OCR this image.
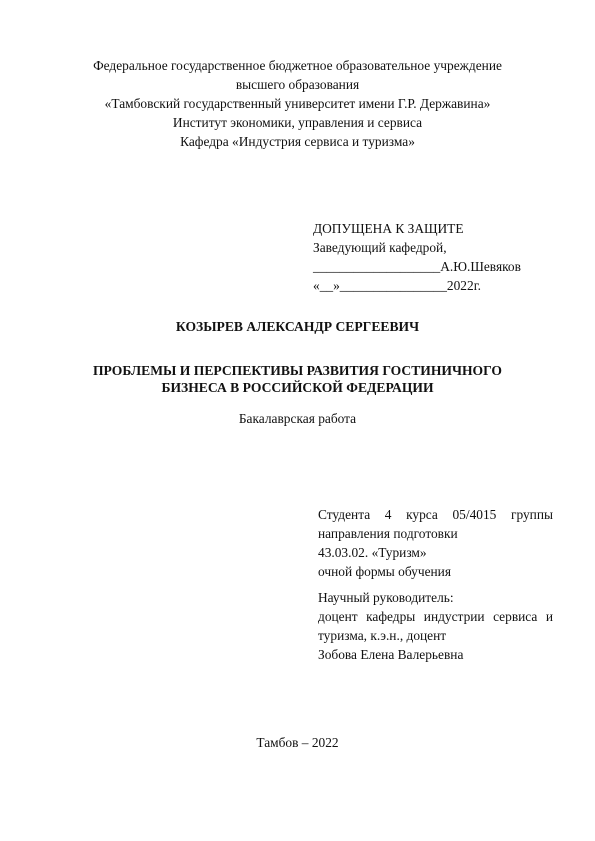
Федеральное государственное бюджетное образовательное учреждение
высшего образования
«Тамбовский государственный университет имени Г.Р. Державина»
Институт экономики, управления и сервиса
Кафедра «Индустрия сервиса и туризма»
ДОПУЩЕНА К ЗАЩИТЕ
Заведующий кафедрой,
___________________А.Ю.Шевяков
«__»________________2022г.
КОЗЫРЕВ АЛЕКСАНДР СЕРГЕЕВИЧ
ПРОБЛЕМЫ И ПЕРСПЕКТИВЫ РАЗВИТИЯ ГОСТИНИЧНОГО
БИЗНЕСА В РОССИЙСКОЙ ФЕДЕРАЦИИ
Бакалаврская работа
Студента 4 курса 05/4015 группы
направления подготовки
43.03.02. «Туризм»
очной формы обучения
Научный руководитель:
доцент кафедры индустрии сервиса и
туризма, к.э.н., доцент
Зобова Елена Валерьевна
Тамбов – 2022
